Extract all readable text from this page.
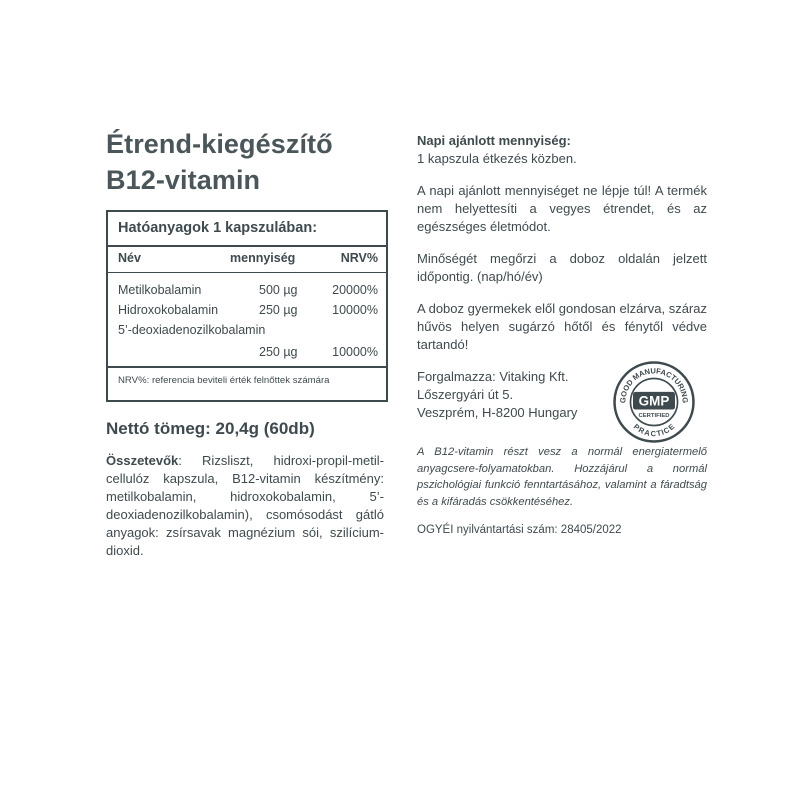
Étrend-kiegészítő
B12-vitamin
Hatóanyagok 1 kapszulában:
Név	mennyiség	NRV%
Metilkobalamin	500 µg	20000%
Hidroxokobalamin	250 µg	10000%
5’-deoxiadenozilkobalamin
250 µg	10000%
NRV%: referencia beviteli érték felnőttek számára
Nettó tömeg: 20,4g (60db)
Összetevők: Rizsliszt, hidroxi-propil-metil-cellulóz kapszula, B12-vitamin készítmény: metilkobalamin, hidroxokobalamin, 5’-deoxiadenozilkobalamin), csomósodást gátló anyagok: zsírsavak magnézium sói, szilícium-dioxid.

Napi ajánlott mennyiség:

1 kapszula étkezés közben.

A napi ajánlott mennyiséget ne lépje túl! A termék nem helyettesíti a vegyes étrendet, és az egészséges életmódot.

Minőségét megőrzi a doboz oldalán jelzett időpontig. (nap/hó/év)

A doboz gyermekek elől gondosan elzárva, száraz hűvös helyen sugárzó hőtől és fénytől védve tartandó!

Forgalmazza: Vitaking Kft.

Lőszergyári út 5.

Veszprém, H-8200 Hungary

GOOD MANUFACTURING
PRACTICE
GMP
CERTIFIED

A B12-vitamin részt vesz a normál energiatermelő anyagcsere-folyamatokban. Hozzájárul a normál pszichológiai funkció fenntartásához, valamint a fáradtság és a kifáradás csökkentéséhez.

OGYÉI nyilvántartási szám: 28405/2022
